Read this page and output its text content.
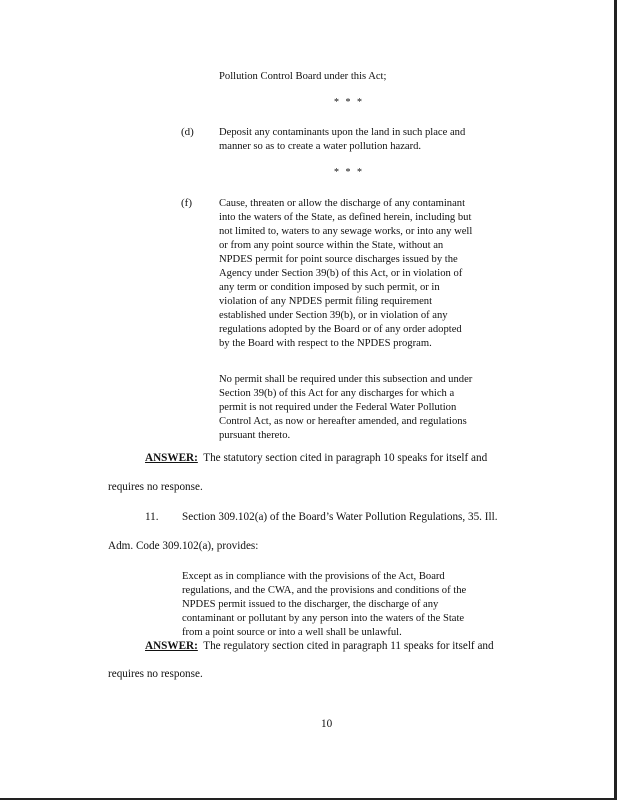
Pollution Control Board under this Act;
* * *
(d) Deposit any contaminants upon the land in such place and
manner so as to create a water pollution hazard.
* * *
(f)	Cause, threaten or allow the discharge of any contaminant
into the waters of the State, as defined herein, including but
not limited to, waters to any sewage works, or into any well
or from any point source within the State, without an
NPDES permit for point source discharges issued by the
Agency under Section 39(b) of this Act, or in violation of
any term or condition imposed by such permit, or in
violation of any NPDES permit filing requirement
established under Section 39(b), or in violation of any
regulations adopted by the Board or of any order adopted
by the Board with respect to the NPDES program.
No permit shall be required under this subsection and under
Section 39(b) of this Act for any discharges for which a
permit is not required under the Federal Water Pollution
Control Act, as now or hereafter amended, and regulations
pursuant thereto.
ANSWER: The statutory section cited in paragraph 10 speaks for itself and
requires no response.
11. Section 309.102(a) of the Board’s Water Pollution Regulations, 35. Ill.
Adm. Code 309.102(a), provides:
Except as in compliance with the provisions of the Act, Board
regulations, and the CWA, and the provisions and conditions of the
NPDES permit issued to the discharger, the discharge of any
contaminant or pollutant by any person into the waters of the State
from a point source or into a well shall be unlawful.
ANSWER: The regulatory section cited in paragraph 11 speaks for itself and
requires no response.
10
